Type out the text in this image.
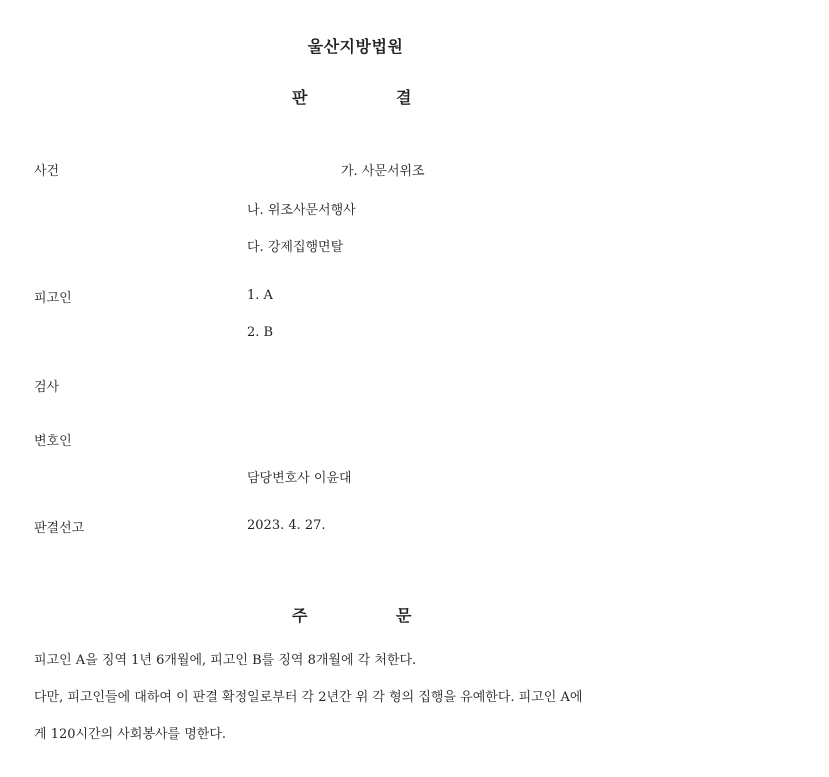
울산지방법원
판	결
사건	가. 사문서위조
나. 위조사문서행사
다. 강제집행면탈
피고인	1. A
2. B
검사
변호인
담당변호사 이윤대
판결선고	2023. 4. 27.
주	문
피고인 A을 징역 1년 6개월에, 피고인 B를 징역 8개월에 각 처한다.
다만, 피고인들에 대하여 이 판결 확정일로부터 각 2년간 위 각 형의 집행을 유예한다. 피고인 A에
게 120시간의 사회봉사를 명한다.
